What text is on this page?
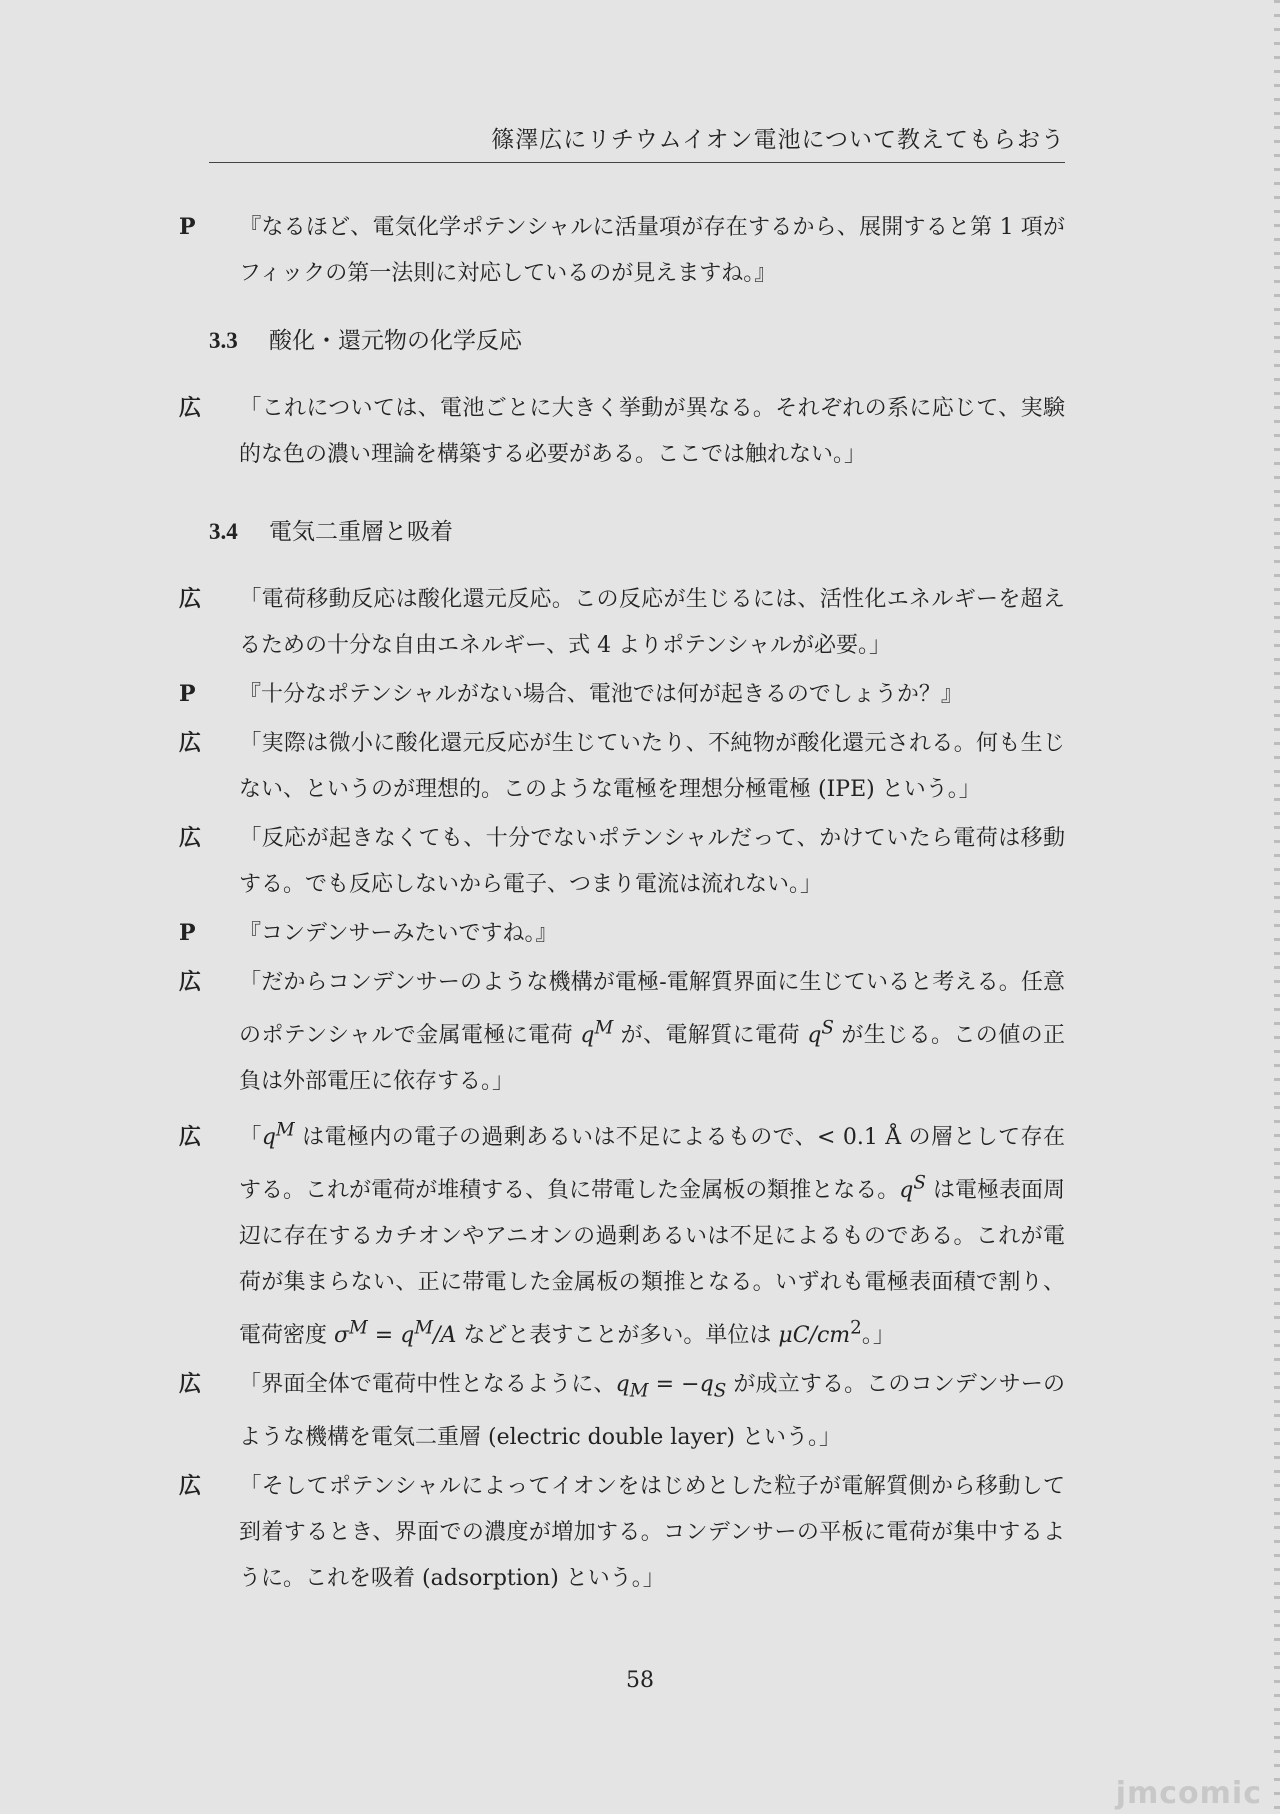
篠澤広にリチウムイオン電池について教えてもらおう

P 『なるほど、電気化学ポテンシャルに活量項が存在するから、展開すると第 1 項がフィックの第一法則に対応しているのが見えますね。』

3.3 酸化・還元物の化学反応

広 「これについては、電池ごとに大きく挙動が異なる。それぞれの系に応じて、実験的な色の濃い理論を構築する必要がある。ここでは触れない。」

3.4 電気二重層と吸着

広 「電荷移動反応は酸化還元反応。この反応が生じるには、活性化エネルギーを超えるための十分な自由エネルギー、式 4 よりポテンシャルが必要。」

P 『十分なポテンシャルがない場合、電池では何が起きるのでしょうか？』

広 「実際は微小に酸化還元反応が生じていたり、不純物が酸化還元される。何も生じない、というのが理想的。このような電極を理想分極電極 (IPE) という。」

広 「反応が起きなくても、十分でないポテンシャルだって、かけていたら電荷は移動する。でも反応しないから電子、つまり電流は流れない。」

P 『コンデンサーみたいですね。』

広 「だからコンデンサーのような機構が電極-電解質界面に生じていると考える。任意のポテンシャルで金属電極に電荷 $q^M$ が、電解質に電荷 $q^S$ が生じる。この値の正負は外部電圧に依存する。」

広 「$q^M$ は電極内の電子の過剰あるいは不足によるもので、< 0.1 Å の層として存在する。これが電荷が堆積する、負に帯電した金属板の類推となる。$q^S$ は電極表面周辺に存在するカチオンやアニオンの過剰あるいは不足によるものである。これが電荷が集まらない、正に帯電した金属板の類推となる。いずれも電極表面積で割り、電荷密度 $\sigma^M = q^M/A$ などと表すことが多い。単位は $\mu C/cm^2$。」

広 「界面全体で電荷中性となるように、$q_M = -q_S$ が成立する。このコンデンサーのような機構を電気二重層 (electric double layer) という。」

広 「そしてポテンシャルによってイオンをはじめとした粒子が電解質側から移動して到着するとき、界面での濃度が増加する。コンデンサーの平板に電荷が集中するように。これを吸着 (adsorption) という。」

58
jmcomic
